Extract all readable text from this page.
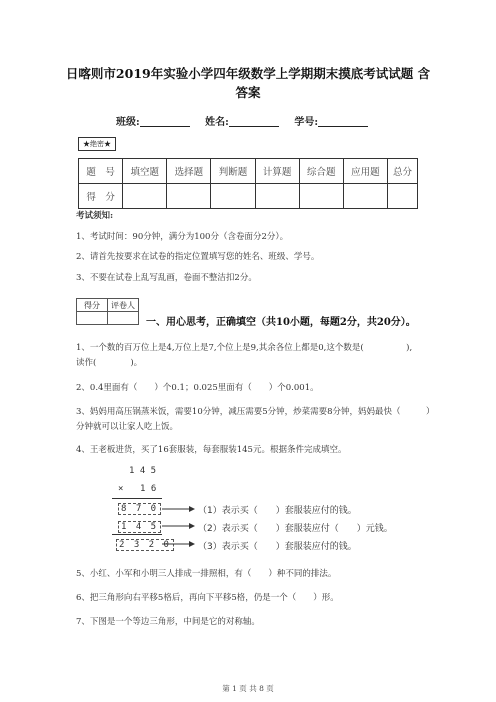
日喀则市2019年实验小学四年级数学上学期期末摸底考试试题 含
答案
班级:	姓名:	学号:
★绝密★
题　号	填空题	选择题	判断题	计算题	综合题	应用题	总分
得　分							
考试须知:
1、考试时间：90分钟，满分为100分（含卷面分2分）。
2、请首先按要求在试卷的指定位置填写您的姓名、班级、学号。
3、不要在试卷上乱写乱画，卷面不整洁扣2分。
得分	评卷人

一、用心思考，正确填空（共10小题，每题2分，共20分）。
1、一个数的百万位上是4,万位上是7,个位上是9,其余各位上都是0,这个数是(　　　　　),
读作(　　　　)。
2、0.4里面有（　　）个0.1；0.025里面有（　　）个0.001。
3、妈妈用高压锅蒸米饭，需要10分钟，减压需要5分钟，炒菜需要8分钟，妈妈最快（　　　）
分钟就可以让家人吃上饭。
4、王老板进货，买了16套服装，每套服装145元。根据条件完成填空。
1 4 5
× 1 6
8 7 0
1 4 5
2 3 2 0
（1）表示买（　　）套服装应付的钱。
（2）表示买（　　）套服装应付（　　）元钱。
（3）表示买（　　）套服装应付的钱。
5、小红、小军和小明三人排成一排照相，有（　　）种不同的排法。
6、把三角形向右平移5格后，再向下平移5格，仍是一个（　　）形。
7、下图是一个等边三角形，中间是它的对称轴。
第 1 页 共 8 页
